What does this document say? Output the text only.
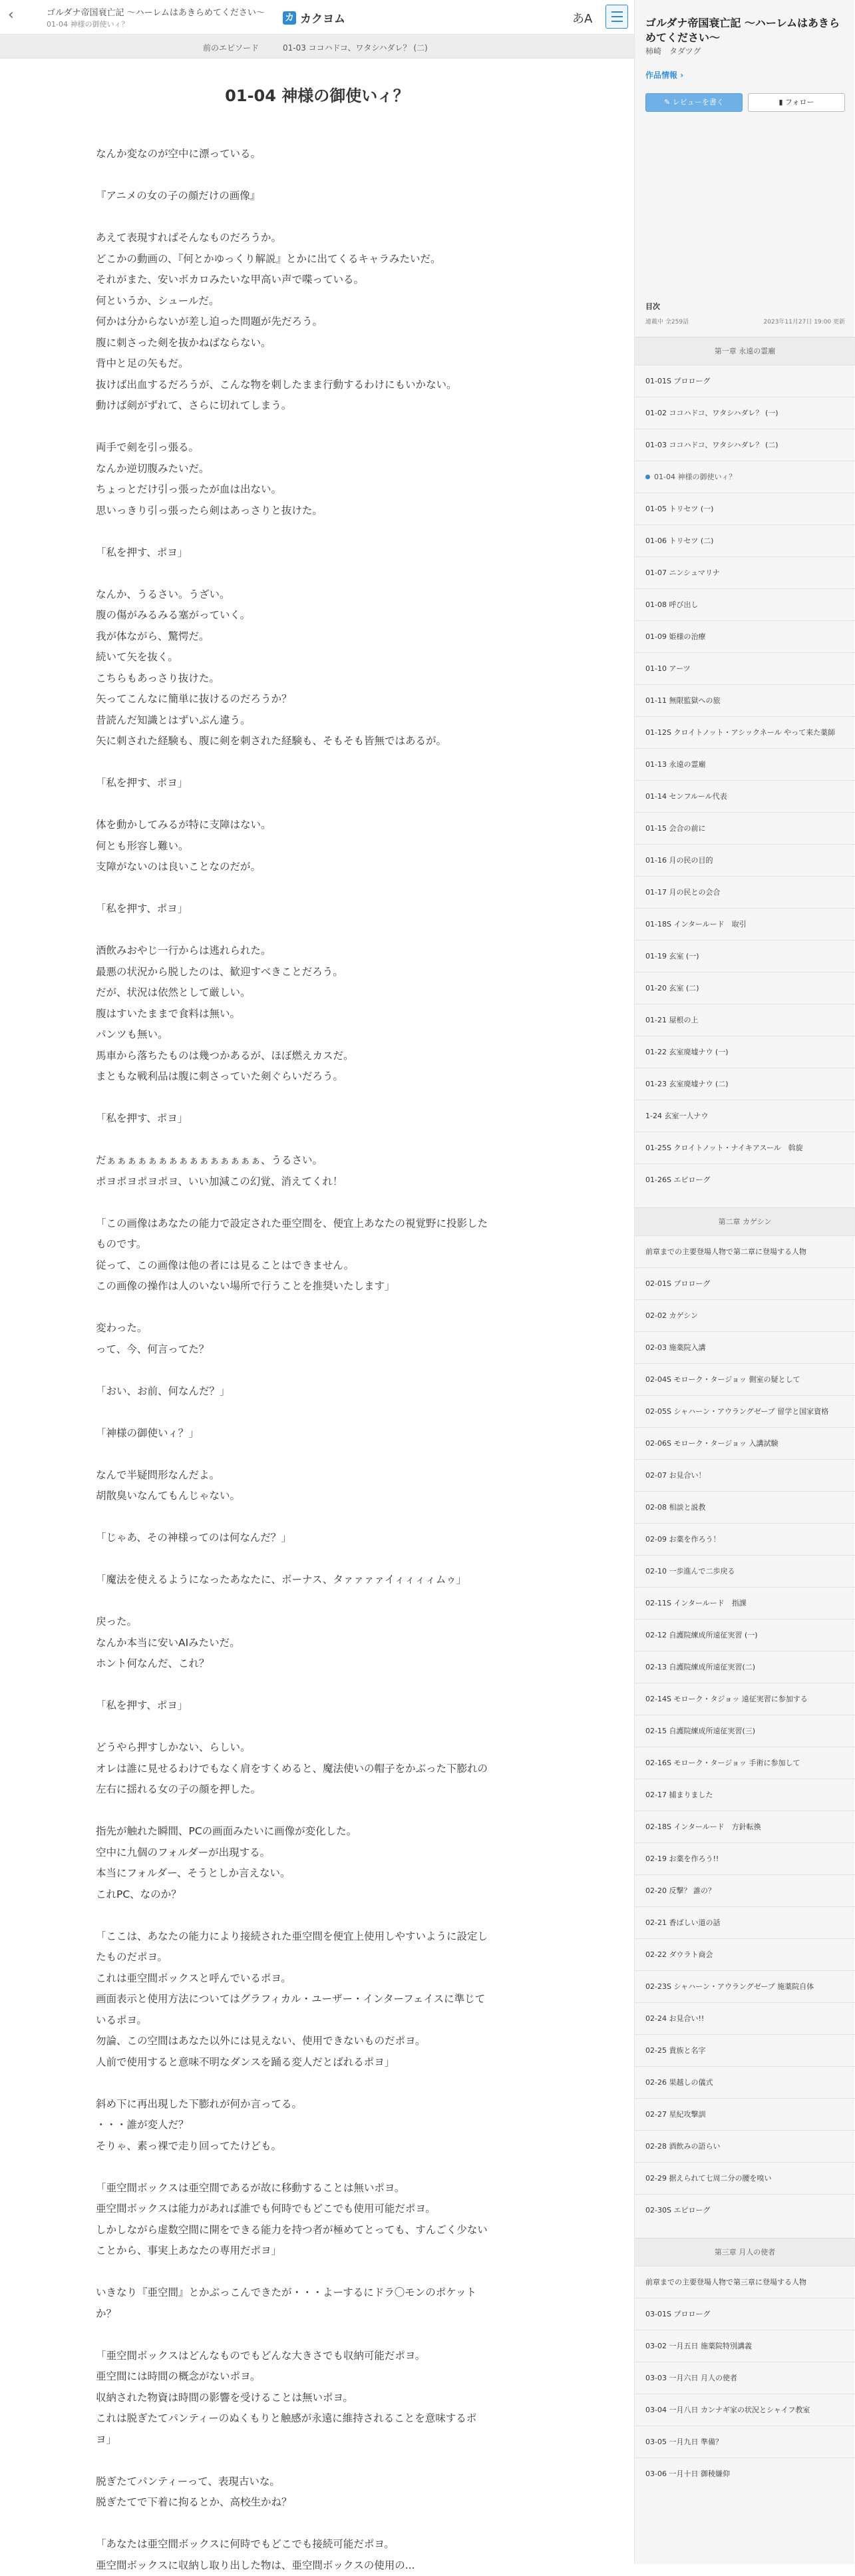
‹	ゴルダナ帝国衰亡記 〜ハーレムはあきらめてください〜
01-04 神様の御使いィ？
カ カクヨム	あA
前のエピソード	01-03 ココハドコ、ワタシハダレ？ (二)
01-04 神様の御使いィ？

なんか変なのが空中に漂っている。

『アニメの女の子の顔だけの画像』

あえて表現すればそんなものだろうか。

どこかの動画の、『何とかゆっくり解説』とかに出てくるキャラみたいだ。

それがまた、安いボカロみたいな甲高い声で喋っている。

何というか、シュールだ。

何かは分からないが差し迫った問題が先だろう。

腹に刺さった剣を抜かねばならない。

背中と足の矢もだ。

抜けば出血するだろうが、こんな物を刺したまま行動するわけにもいかない。

動けば剣がずれて、さらに切れてしまう。

両手で剣を引っ張る。

なんか逆切腹みたいだ。

ちょっとだけ引っ張ったが血は出ない。

思いっきり引っ張ったら剣はあっさりと抜けた。

「私を押す、ポヨ」

なんか、うるさい。うざい。

腹の傷がみるみる塞がっていく。

我が体ながら、驚愕だ。

続いて矢を抜く。

こちらもあっさり抜けた。

矢ってこんなに簡単に抜けるのだろうか？

昔読んだ知識とはずいぶん違う。

矢に刺された経験も、腹に剣を刺された経験も、そもそも皆無ではあるが。

「私を押す、ポヨ」

体を動かしてみるが特に支障はない。

何とも形容し難い。

支障がないのは良いことなのだが。

「私を押す、ポヨ」

酒飲みおやじ一行からは逃れられた。

最悪の状況から脱したのは、歓迎すべきことだろう。

だが、状況は依然として厳しい。

腹はすいたままで食料は無い。

パンツも無い。

馬車から落ちたものは幾つかあるが、ほぼ燃えカスだ。

まともな戦利品は腹に刺さっていた剣ぐらいだろう。

「私を押す、ポヨ」

だぁぁぁぁぁぁぁぁぁぁぁぁぁぁぁ、うるさい。

ポヨポヨポヨポヨ、いい加減この幻覚、消えてくれ！

「この画像はあなたの能力で設定された亜空間を、便宜上あなたの視覚野に投影した

ものです。

従って、この画像は他の者には見ることはできません。

この画像の操作は人のいない場所で行うことを推奨いたします」

変わった。

って、今、何言ってた？

「おい、お前、何なんだ？」

「神様の御使いィ？」

なんで半疑問形なんだよ。

胡散臭いなんてもんじゃない。

「じゃあ、その神様ってのは何なんだ？」

「魔法を使えるようになったあなたに、ボーナス、タァァァァイィィィィムゥ」

戻った。

なんか本当に安いAIみたいだ。

ホント何なんだ、これ？

「私を押す、ポヨ」

どうやら押すしかない、らしい。

オレは誰に見せるわけでもなく肩をすくめると、魔法使いの帽子をかぶった下膨れの

左右に揺れる女の子の顔を押した。

指先が触れた瞬間、PCの画面みたいに画像が変化した。

空中に九個のフォルダーが出現する。

本当にフォルダー、そうとしか言えない。

これPC、なのか？

「ここは、あなたの能力により接続された亜空間を便宜上使用しやすいように設定し

たものだポヨ。

これは亜空間ボックスと呼んでいるポヨ。

画面表示と使用方法についてはグラフィカル・ユーザー・インターフェイスに準じて

いるポヨ。

勿論、この空間はあなた以外には見えない、使用できないものだポヨ。

人前で使用すると意味不明なダンスを踊る変人だとばれるポヨ」

斜め下に再出現した下膨れが何か言ってる。

・・・誰が変人だ？

そりゃ、素っ裸で走り回ってたけども。

「亜空間ボックスは亜空間であるが故に移動することは無いポヨ。

亜空間ボックスは能力があれば誰でも何時でもどこでも使用可能だポヨ。

しかしながら虚数空間に開をできる能力を持つ者が極めてとっても、すんごく少ない

ことから、事実上あなたの専用だポヨ」

いきなり『亜空間』とかぶっこんできたが・・・よーするにドラ〇モンのポケット

か？

「亜空間ボックスはどんなものでもどんな大きさでも収納可能だポヨ。

亜空間には時間の概念がないポヨ。

収納された物資は時間の影響を受けることは無いポヨ。

これは脱ぎたてパンティーのぬくもりと触感が永遠に維持されることを意味するポ

ヨ」

脱ぎたてパンティーって、表現古いな。

脱ぎたてで下着に拘るとか、高校生かね？

「あなたは亜空間ボックスに何時でもどこでも接続可能だポヨ。

亜空間ボックスに収納し取り出した物は、亜空間ボックスの使用の...

ゴルダナ帝国衰亡記 〜ハーレムはあきらめてください〜
柿崎　タダツグ
作品情報 ›
✎ レビューを書く	▮ フォロー
目次
連載中 全259話	2023年11月27日 19:00 更新
第一章 永遠の霊廟
01-01S プロローグ
01-02 ココハドコ、ワタシハダレ？ (一)
01-03 ココハドコ、ワタシハダレ？ (二)
01-04 神様の御使いィ？
01-05 トリセツ (一)
01-06 トリセツ (二)
01-07 ニンシュマリナ
01-08 呼び出し
01-09 姫様の治療
01-10 アーツ
01-11 無限監獄への旅
01-12S クロイトノット・アシックネール やって来た薬師
01-13 永遠の霊廟
01-14 センフルール代表
01-15 会合の前に
01-16 月の民の目的
01-17 月の民との会合
01-18S インタールード　取引
01-19 玄室 (一)
01-20 玄室 (二)
01-21 屋根の上
01-22 玄室廃墟ナウ (一)
01-23 玄室廃墟ナウ (二)
1-24 玄室一人ナウ
01-25S クロイトノット・ナイキアスール　斡旋
01-26S エピローグ
第二章 カゲシン
前章までの主要登場人物で第二章に登場する人物
02-01S プロローグ
02-02 カゲシン
02-03 施薬院入講
02-04S モローク・タージョッ 側室の疑として
02-05S シャハーン・アウラングゼーブ 留学と国家資格
02-06S モローク・タージョッ 入講試験
02-07 お見合い！
02-08 相談と説教
02-09 お薬を作ろう！
02-10 一歩進んで二歩戻る
02-11S インタールード　指課
02-12 自護院練成所遠征実習 (一)
02-13 自護院練成所遠征実習(二)
02-14S モローク・タジョッ 遠征実習に参加する
02-15 自護院練成所遠征実習(三)
02-16S モローク・タージョッ 手術に参加して
02-17 捕まりました
02-18S インタールード　方針転換
02-19 お薬を作ろう!!
02-20 反撃？ 誰の？
02-21 香ばしい道の話
02-22 ダウラト商会
02-23S シャハーン・アウラングゼーブ 施薬院自体
02-24 お見合い!!
02-25 貴族と名字
02-26 果越しの儀式
02-27 星紀攻撃訓
02-28 酒飲みの語らい
02-29 据えられて七周二分の腰を嗅い
02-30S エピローグ
第三章 月人の使者
前章までの主要登場人物で第三章に登場する人物
03-01S プロローグ
03-02 一月五日 施薬院特別講義
03-03 一月六日 月人の使者
03-04 一月八日 カンナギ家の状況とシャイフ教室
03-05 一月九日 準備？
03-06 一月十日 御稜嫌仰
